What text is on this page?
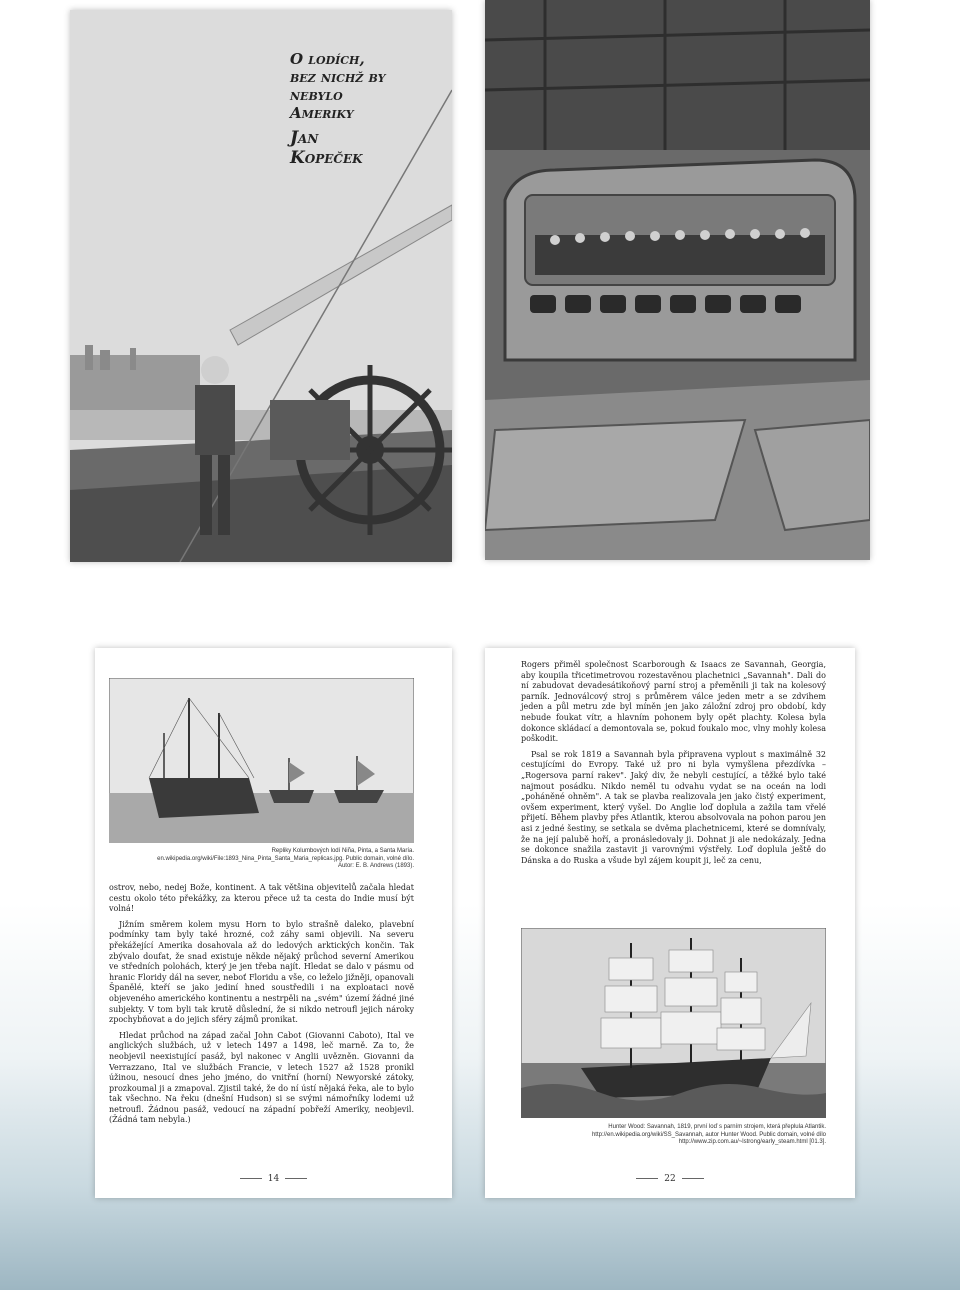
O lodích,
bez nichž by nebylo
Ameriky
Jan
Kopeček
Repliky Kolumbových lodí Niña, Pinta, a Santa María.
en.wikipedia.org/wiki/File:1893_Nina_Pinta_Santa_Maria_replicas.jpg. Public domain, volné dílo.
Autor: E. B. Andrews (1893).

ostrov, nebo, nedej Bože, kontinent. A tak většina objevitelů začala hledat cestu okolo této překážky, za kterou přece už ta cesta do Indie musí být volná!

Jižním směrem kolem mysu Horn to bylo strašně daleko, plavební podmínky tam byly také hrozné, což záhy sami objevili. Na severu překážející Amerika dosahovala až do ledových arktických končin. Tak zbývalo doufat, že snad existuje někde nějaký průchod severní Amerikou ve středních polohách, který je jen třeba najít. Hledat se dalo v pásmu od hranic Floridy dál na sever, neboť Floridu a vše, co leželo jižněji, opanovali Španělé, kteří se jako jediní hned soustředili i na exploataci nově objeveného amerického kontinentu a nestrpěli na „svém" území žádné jiné subjekty. V tom byli tak krutě důslední, že si nikdo netroufl jejich nároky zpochybňovat a do jejich sféry zájmů pronikat.

Hledat průchod na západ začal John Cabot (Giovanni Caboto), Ital ve anglických službách, už v letech 1497 a 1498, leč marně. Za to, že neobjevil neexistující pasáž, byl nakonec v Anglii uvězněn. Giovanni da Verrazzano, Ital ve službách Francie, v letech 1527 až 1528 pronikl úžinou, nesoucí dnes jeho jméno, do vnitřní (horní) Newyorské zátoky, prozkoumal ji a zmapoval. Zjistil také, že do ní ústí nějaká řeka, ale to bylo tak všechno. Na řeku (dnešní Hudson) si se svými námořníky lodemi už netroufl. Žádnou pasáž, vedoucí na západní pobřeží Ameriky, neobjevil. (Žádná tam nebyla.)

14

Rogers přiměl společnost Scarborough & Isaacs ze Savannah, Georgia, aby koupila třicetimetrovou rozestavěnou plachetnici „Savannah". Dali do ní zabudovat devadesátikoňový parní stroj a přeměnili ji tak na kolesový parník. Jednoválcový stroj s průměrem válce jeden metr a se zdvihem jeden a půl metru zde byl míněn jen jako záložní zdroj pro období, kdy nebude foukat vítr, a hlavním pohonem byly opět plachty. Kolesa byla dokonce skládací a demontovala se, pokud foukalo moc, vlny mohly kolesa poškodit.

Psal se rok 1819 a Savannah byla připravena vyplout s maximálně 32 cestujícími do Evropy. Také už pro ni byla vymyšlena přezdívka – „Rogersova parní rakev". Jaký div, že nebyli cestující, a těžké bylo také najmout posádku. Nikdo neměl tu odvahu vydat se na oceán na lodi „poháněné ohněm". A tak se plavba realizovala jen jako čistý experiment, ovšem experiment, který vyšel. Do Anglie loď doplula a zažila tam vřelé přijetí. Během plavby přes Atlantik, kterou absolvovala na pohon parou jen asi z jedné šestiny, se setkala se dvěma plachetnicemi, které se domnívaly, že na její palubě hoří, a pronásledovaly ji. Dohnat ji ale nedokázaly. Jedna se dokonce snažila zastavit ji varovnými výstřely. Loď doplula ještě do Dánska a do Ruska a všude byl zájem koupit ji, leč za cenu,

Hunter Wood: Savannah, 1819, první loď s parním strojem, která přeplula Atlantik.
http://en.wikipedia.org/wiki/SS_Savannah, autor Hunter Wood. Public domain, volné dílo
http://www.zip.com.au/~lstrong/early_steam.html [01.3].
22
